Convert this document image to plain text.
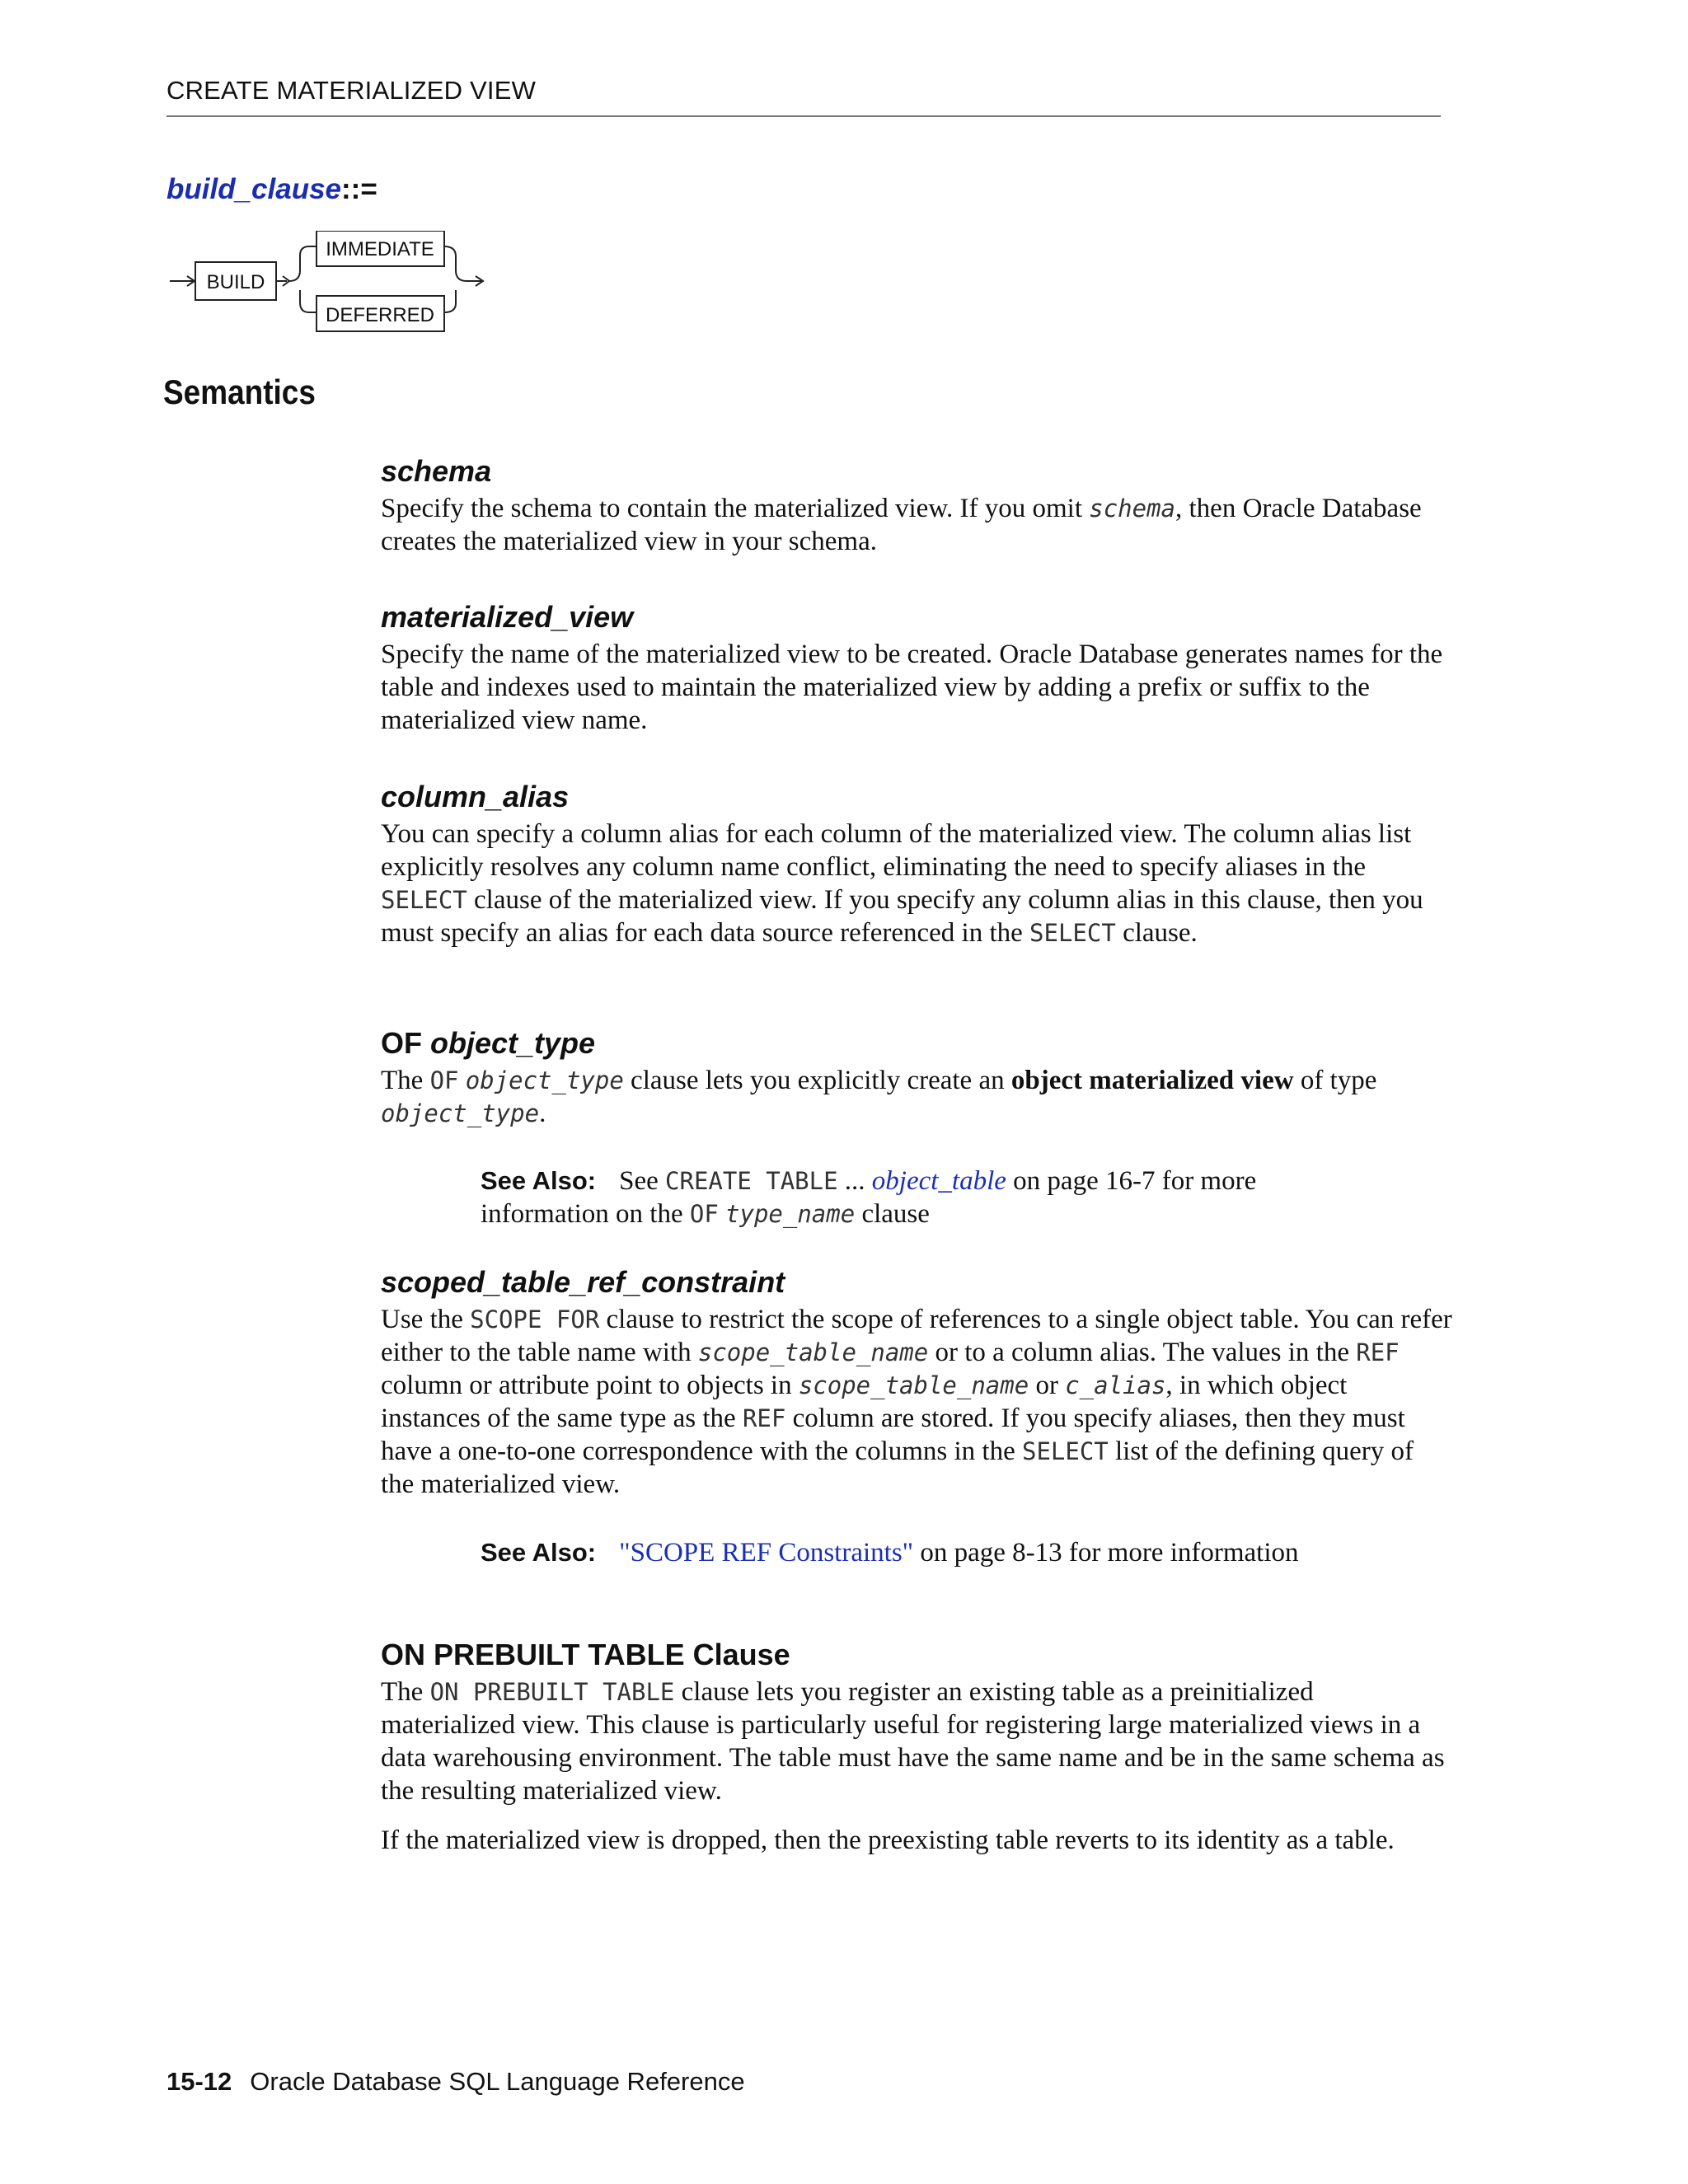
CREATE MATERIALIZED VIEW
build_clause::=
BUILD
IMMEDIATE
DEFERRED
Semantics
schema

Specify the schema to contain the materialized view. If you omit schema, then Oracle Database creates the materialized view in your schema.

materialized_view

Specify the name of the materialized view to be created. Oracle Database generates names for the table and indexes used to maintain the materialized view by adding a prefix or suffix to the materialized view name.

column_alias

You can specify a column alias for each column of the materialized view. The column alias list explicitly resolves any column name conflict, eliminating the need to specify aliases in the SELECT clause of the materialized view. If you specify any column alias in this clause, then you must specify an alias for each data source referenced in the SELECT clause.

OF object_type

The OF object_type clause lets you explicitly create an object materialized view of type object_type.

See Also: See CREATE TABLE ... object_table on page 16-7 for more information on the OF type_name clause
scoped_table_ref_constraint

Use the SCOPE FOR clause to restrict the scope of references to a single object table. You can refer either to the table name with scope_table_name or to a column alias. The values in the REF column or attribute point to objects in scope_table_name or c_alias, in which object instances of the same type as the REF column are stored. If you specify aliases, then they must have a one-to-one correspondence with the columns in the SELECT list of the defining query of the materialized view.

See Also: "SCOPE REF Constraints" on page 8-13 for more information
ON PREBUILT TABLE Clause

The ON PREBUILT TABLE clause lets you register an existing table as a preinitialized materialized view. This clause is particularly useful for registering large materialized views in a data warehousing environment. The table must have the same name and be in the same schema as the resulting materialized view.

If the materialized view is dropped, then the preexisting table reverts to its identity as a table.

15-12 Oracle Database SQL Language Reference
